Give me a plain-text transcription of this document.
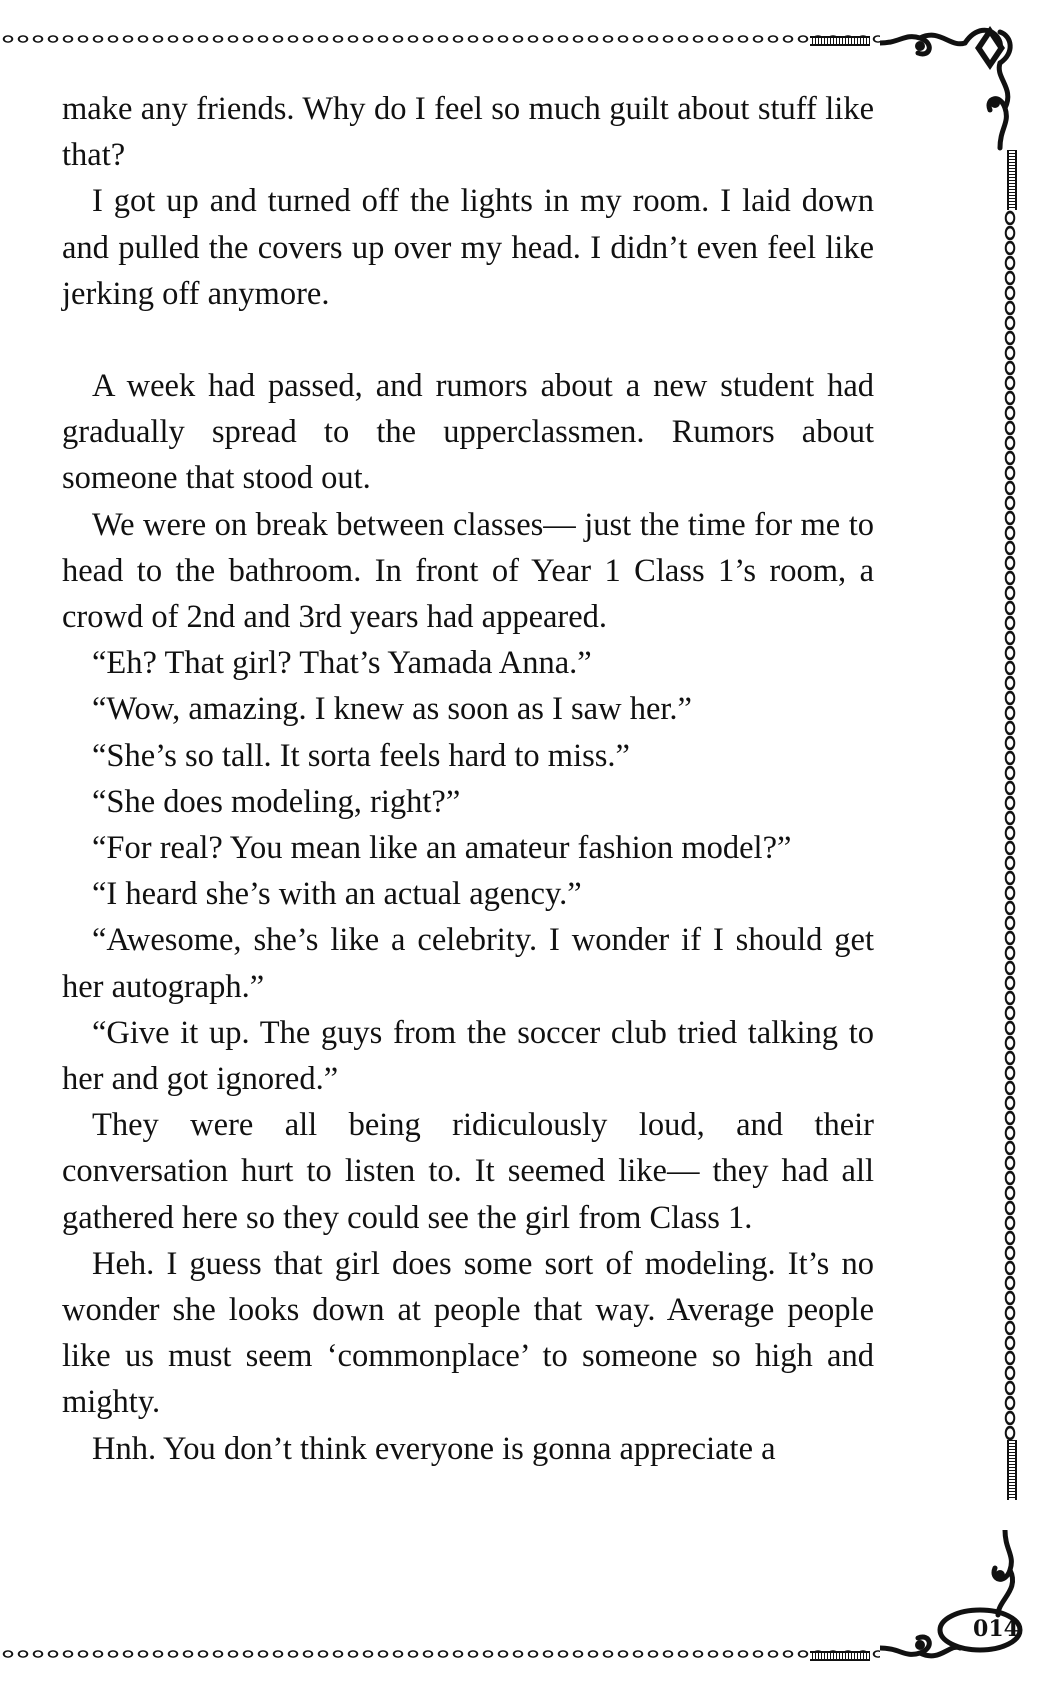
014

make any friends. Why do I feel so much guilt about stuff like that?

I got up and turned off the lights in my room. I laid down and pulled the covers up over my head. I didn’t even feel like jerking off anymore.

A week had passed, and rumors about a new student had gradually spread to the upperclassmen. Rumors about someone that stood out.

We were on break between classes— just the time for me to head to the bathroom. In front of Year 1 Class 1’s room, a crowd of 2nd and 3rd years had appeared.

“Eh? That girl? That’s Yamada Anna.”

“Wow, amazing. I knew as soon as I saw her.”

“She’s so tall. It sorta feels hard to miss.”

“She does modeling, right?”

“For real? You mean like an amateur fashion model?”

“I heard she’s with an actual agency.”

“Awesome, she’s like a celebrity. I wonder if I should get her autograph.”

“Give it up. The guys from the soccer club tried talking to her and got ignored.”

They were all being ridiculously loud, and their conversation hurt to listen to. It seemed like— they had all gathered here so they could see the girl from Class 1.

Heh. I guess that girl does some sort of modeling. It’s no wonder she looks down at people that way. Average people like us must seem ‘commonplace’ to someone so high and mighty.

Hnh. You don’t think everyone is gonna appreciate a
